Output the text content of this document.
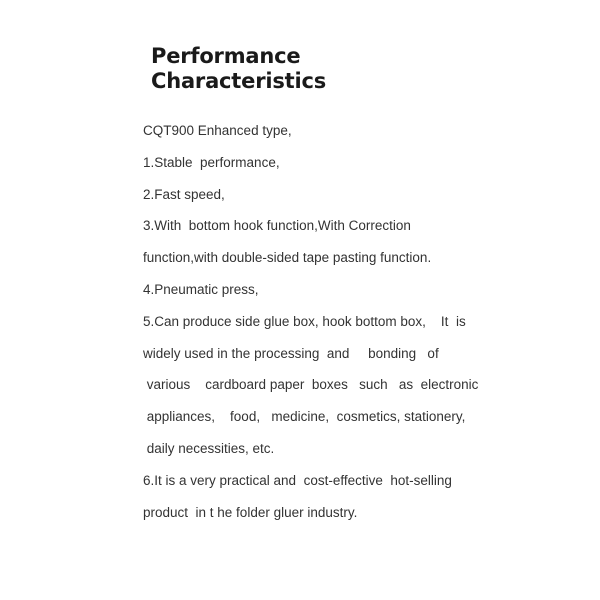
Performance
Characteristics
CQT900 Enhanced type,
1.Stable  performance,
2.Fast speed,
3.With  bottom hook function,With Correction
function,with double-sided tape pasting function.
4.Pneumatic press,
5.Can produce side glue box, hook bottom box,    It  is
widely used in the processing  and     bonding   of
various    cardboard paper  boxes   such   as  electronic
appliances,    food,   medicine,  cosmetics, stationery,
daily necessities, etc.
6.It is a very practical and  cost-effective  hot-selling
product  in t he folder gluer industry.
